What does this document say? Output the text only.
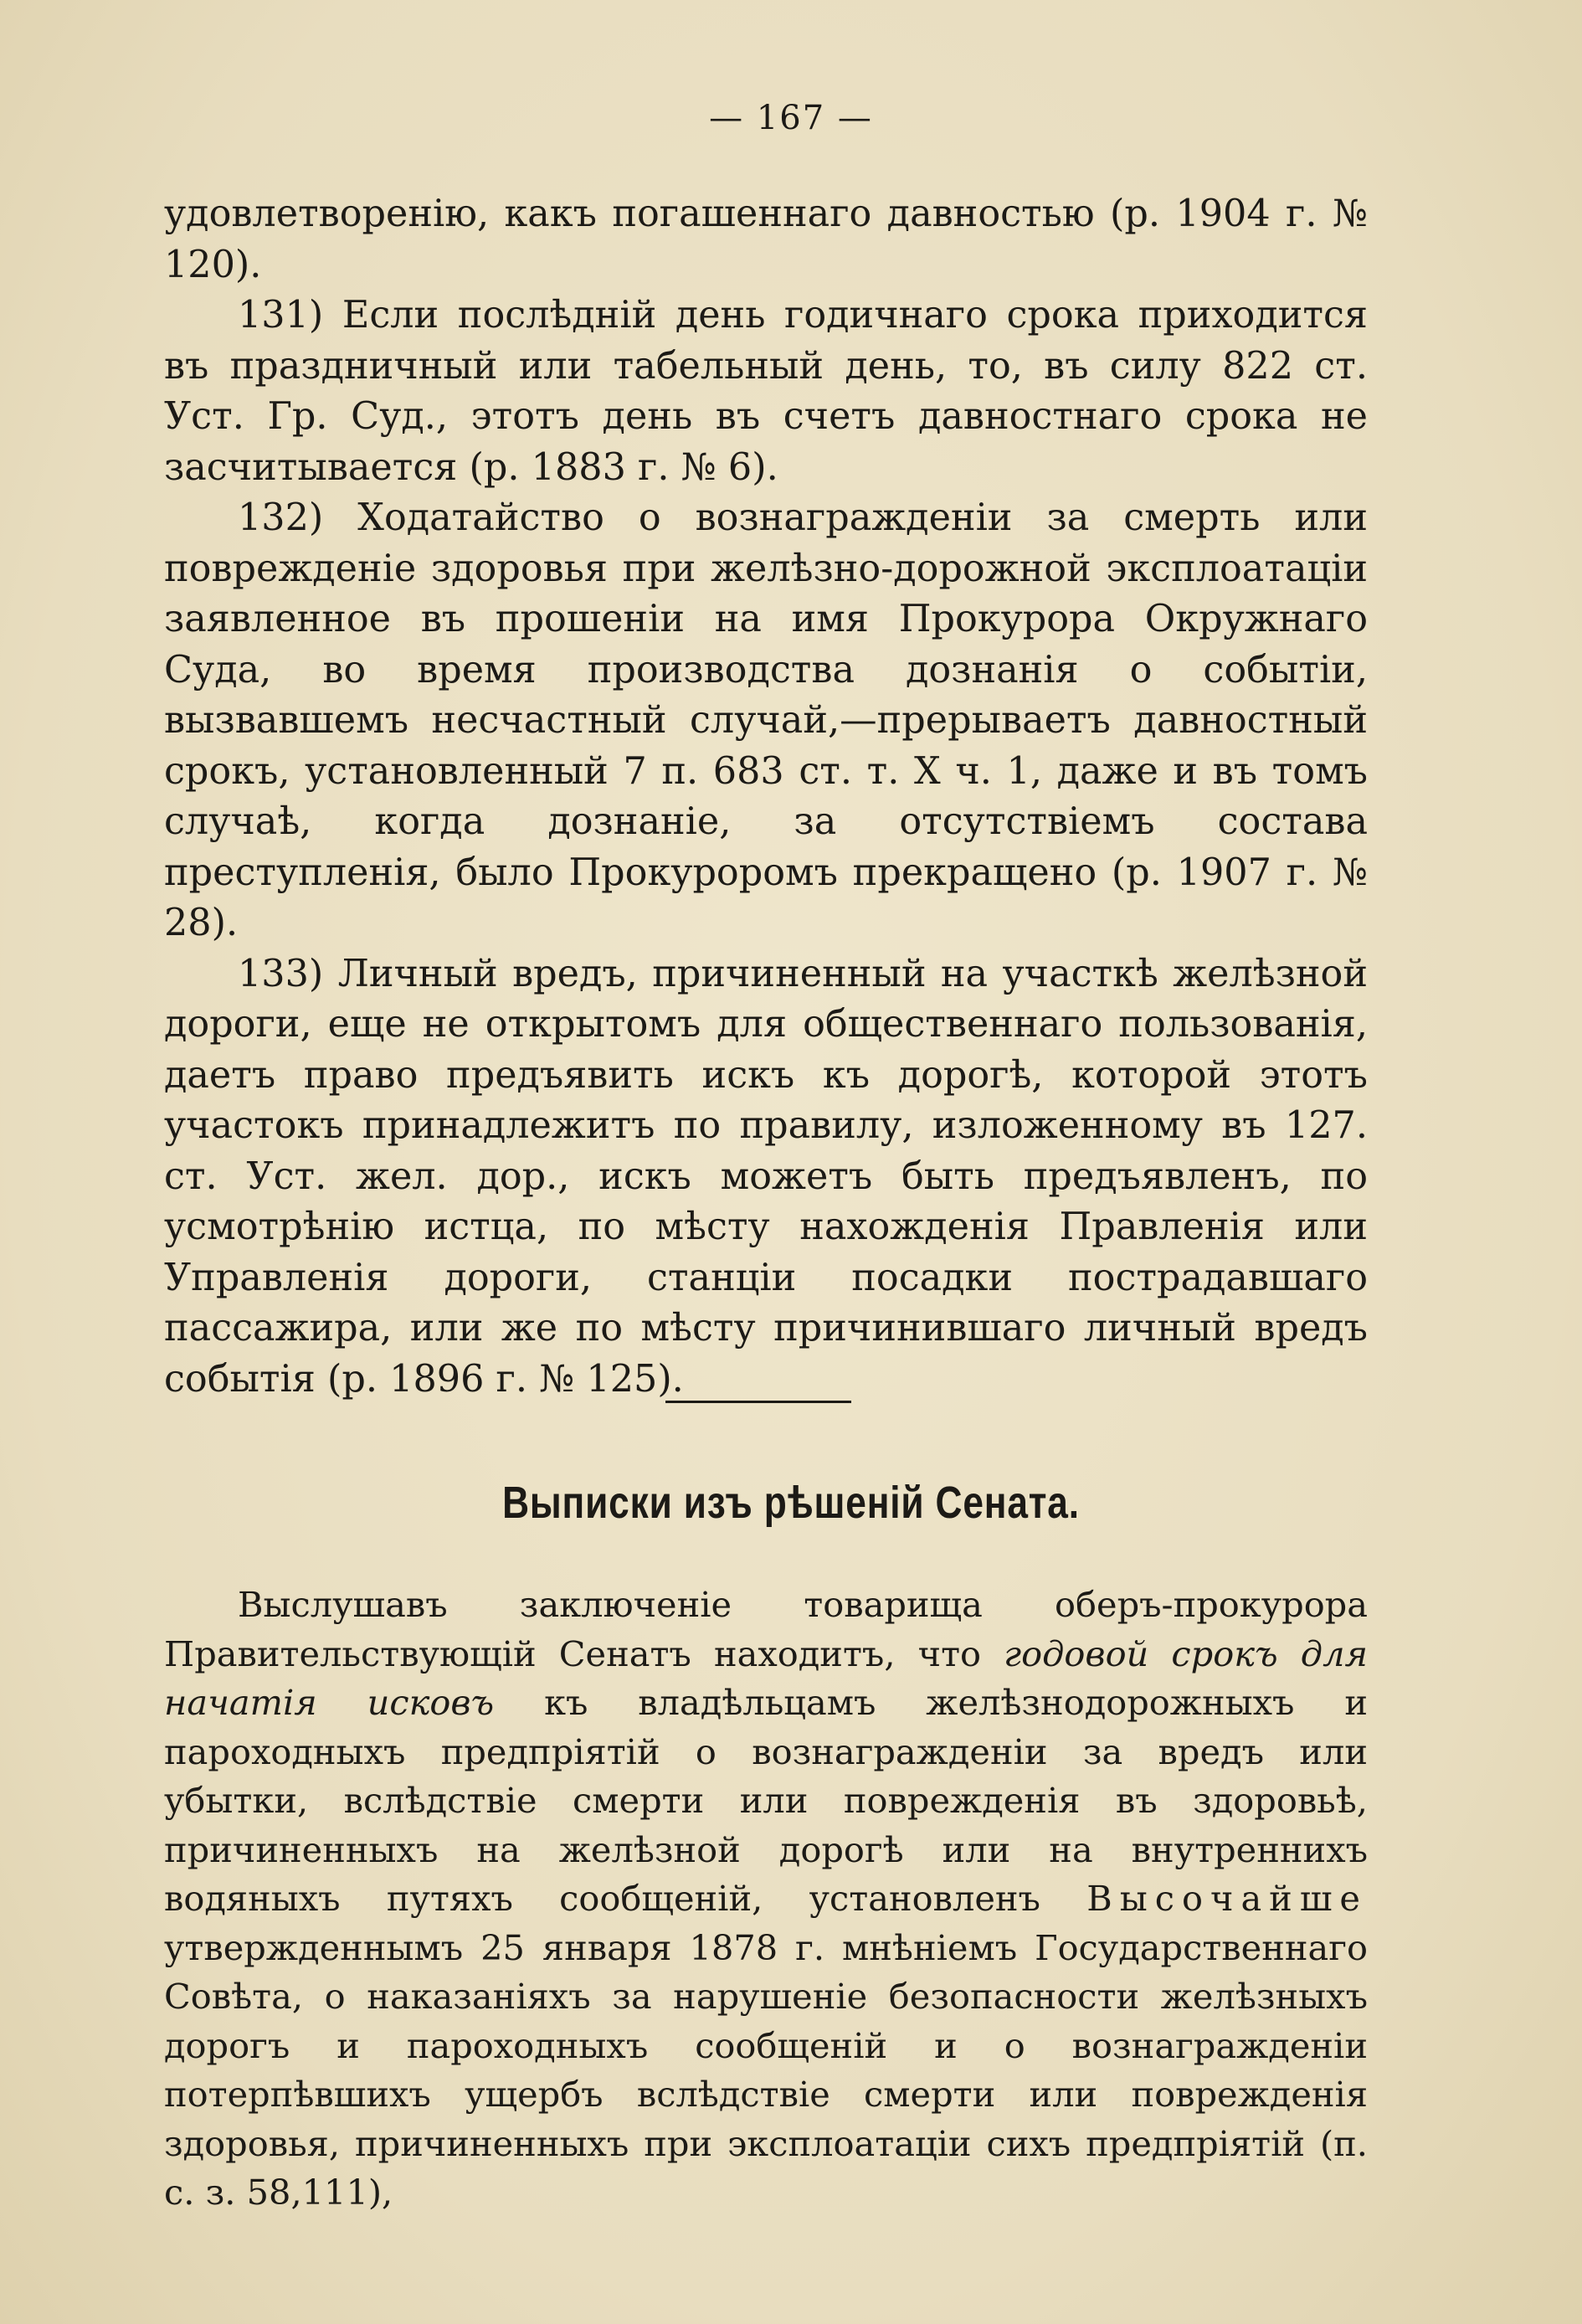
— 167 —

удовлетворенію, какъ погашеннаго давностью (р. 1904 г. № 120).

131) Если послѣдній день годичнаго срока приходится въ праздничный или табельный день, то, въ силу 822 ст. Уст. Гр. Суд., этотъ день въ счетъ давностнаго срока не засчитывается (р. 1883 г. № 6).

132) Ходатайство о вознагражденіи за смерть или поврежденіе здоровья при желѣзно-дорожной эксплоатаціи заявленное въ прошеніи на имя Прокурора Окружнаго Суда, во время производства дознанія о событіи, вызвавшемъ несчастный случай,—прерываетъ давностный срокъ, установленный 7 п. 683 ст. т. X ч. 1, даже и въ томъ случаѣ, когда дознаніе, за отсутствіемъ состава преступленія, было Прокуроромъ прекращено (р. 1907 г. № 28).

133) Личный вредъ, причиненный на участкѣ желѣзной дороги, еще не открытомъ для общественнаго пользованія, даетъ право предъявить искъ къ дорогѣ, которой этотъ участокъ принадлежитъ по правилу, изложенному въ 127. ст. Уст. жел. дор., искъ можетъ быть предъявленъ, по усмотрѣнію истца, по мѣсту нахожденія Правленія или Управленія дороги, станціи посадки пострадавшаго пассажира, или же по мѣсту причинившаго личный вредъ событія (р. 1896 г. № 125).

Выписки изъ рѣшеній Сената.

Выслушавъ заключеніе товарища оберъ-прокурора Правительствующій Сенатъ находитъ, что годовой срокъ для начатія исковъ къ владѣльцамъ желѣзнодорожныхъ и пароходныхъ предпріятій о вознагражденіи за вредъ или убытки, вслѣдствіе смерти или поврежденія въ здоровьѣ, причиненныхъ на желѣзной дорогѣ или на внутреннихъ водяныхъ путяхъ сообщеній, установленъ Высочайше утвержденнымъ 25 января 1878 г. мнѣніемъ Государственнаго Совѣта, о наказаніяхъ за нарушеніе безопасности желѣзныхъ дорогъ и пароходныхъ сообщеній и о вознагражденіи потерпѣвшихъ ущербъ вслѣдствіе смерти или поврежденія здоровья, причиненныхъ при эксплоатаціи сихъ предпріятій (п. с. з. 58,111),
